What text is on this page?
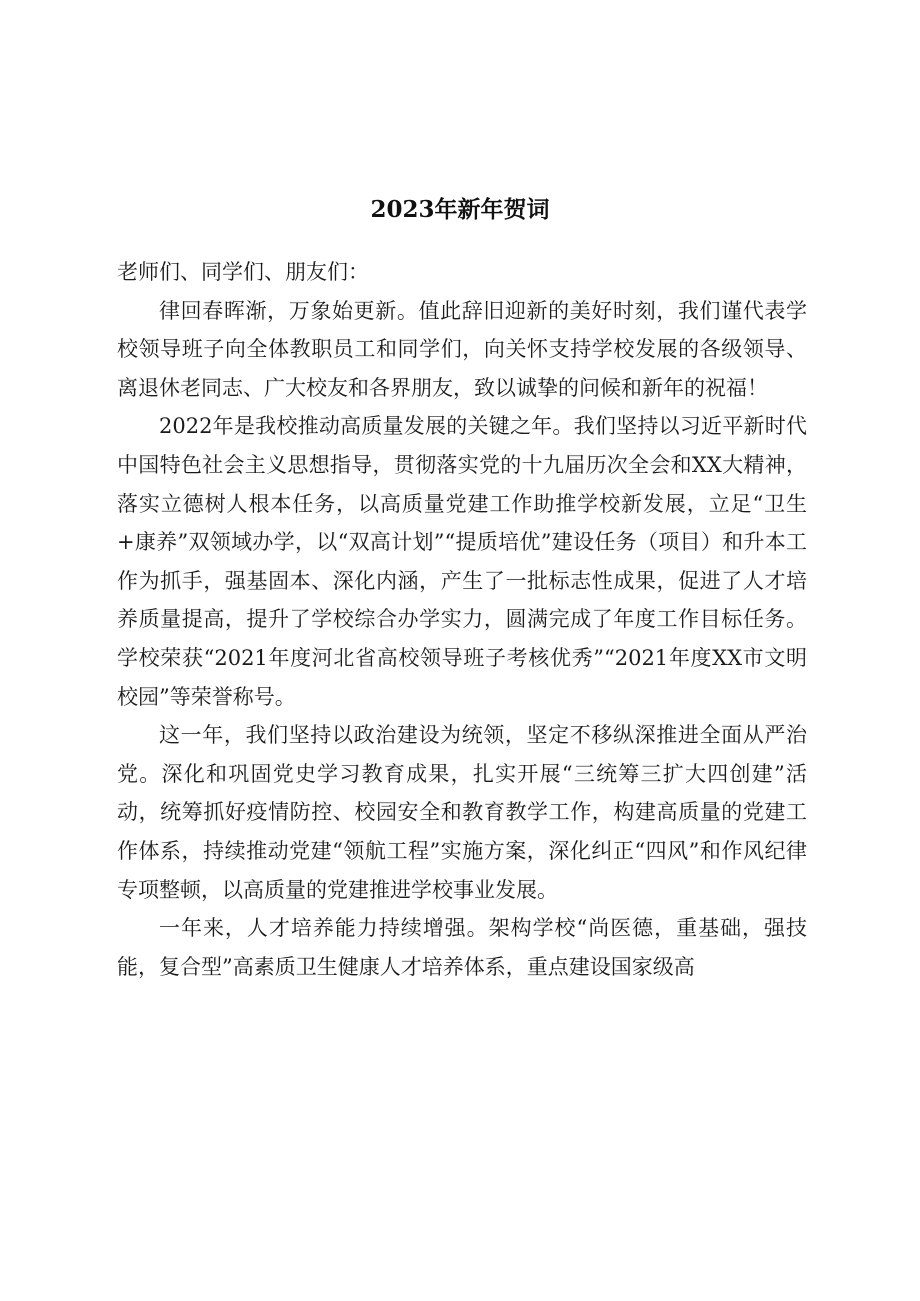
2023年新年贺词

老师们、同学们、朋友们：

律回春晖渐，万象始更新。值此辞旧迎新的美好时刻，我们谨代表学校领导班子向全体教职员工和同学们，向关怀支持学校发展的各级领导、离退休老同志、广大校友和各界朋友，致以诚挚的问候和新年的祝福！

2022年是我校推动高质量发展的关键之年。我们坚持以习近平新时代中国特色社会主义思想指导，贯彻落实党的十九届历次全会和XX大精神，落实立德树人根本任务，以高质量党建工作助推学校新发展，立足“卫生+康养”双领域办学，以“双高计划”“提质培优”建设任务（项目）和升本工作为抓手，强基固本、深化内涵，产生了一批标志性成果，促进了人才培养质量提高，提升了学校综合办学实力，圆满完成了年度工作目标任务。学校荣获“2021年度河北省高校领导班子考核优秀”“2021年度XX市文明校园”等荣誉称号。

这一年，我们坚持以政治建设为统领，坚定不移纵深推进全面从严治党。深化和巩固党史学习教育成果，扎实开展“三统筹三扩大四创建”活动，统筹抓好疫情防控、校园安全和教育教学工作，构建高质量的党建工作体系，持续推动党建“领航工程”实施方案，深化纠正“四风”和作风纪律专项整顿，以高质量的党建推进学校事业发展。

一年来，人才培养能力持续增强。架构学校“尚医德，重基础，强技能，复合型”高素质卫生健康人才培养体系，重点建设国家级高
